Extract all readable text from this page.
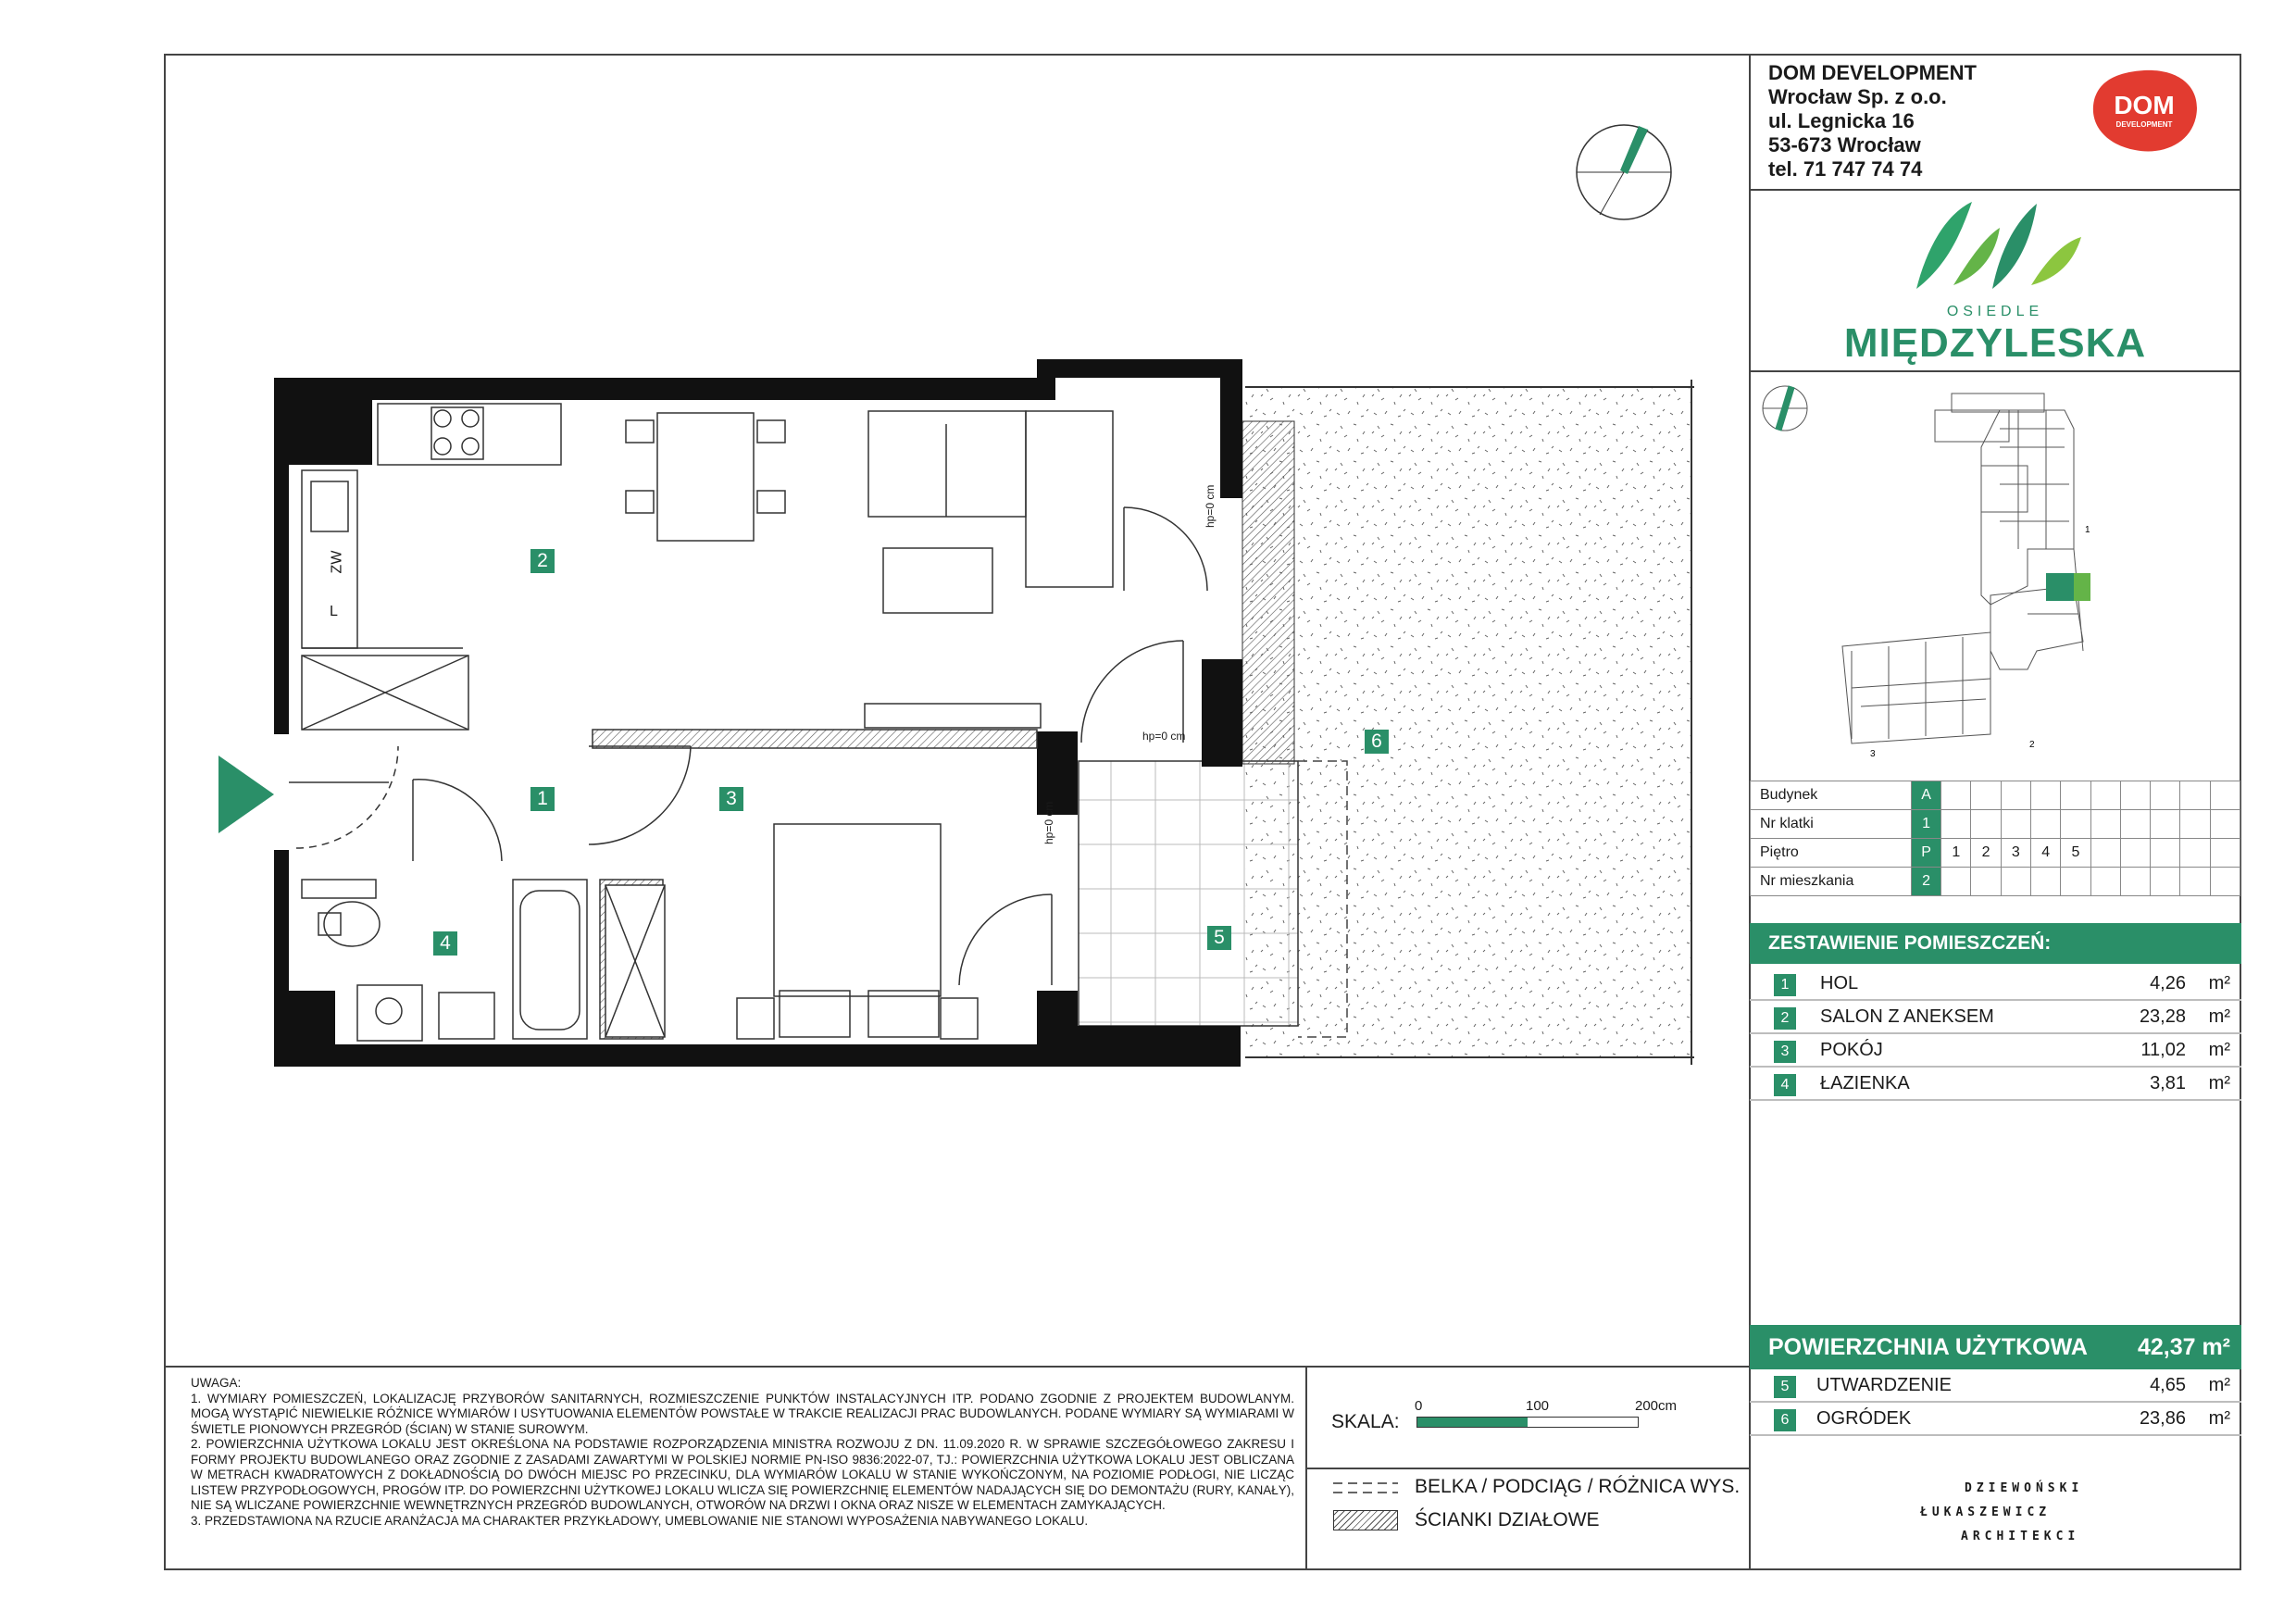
DOM DEVELOPMENT
Wrocław Sp. z o.o.
ul. Legnicka 16
53-673 Wrocław
tel. 71 747 74 74
DOM
DEVELOPMENT
OSIEDLE
MIĘDZYLESKA
1
2
3
Budynek	A										
Nr klatki	1										
Piętro	P	1	2	3	4	5					
Nr mieszkania	2										
ZESTAWIENIE POMIESZCZEŃ:
1	HOL	4,26 m²
2	SALON Z ANEKSEM	23,28 m²
3	POKÓJ	11,02 m²
4	ŁAZIENKA	3,81 m²
POWIERZCHNIA UŻYTKOWA 42,37 m²
5	UTWARDZENIE	4,65 m²
6	OGRÓDEK	23,86 m²

UWAGA:

1. WYMIARY POMIESZCZEŃ, LOKALIZACJĘ PRZYBORÓW SANITARNYCH, ROZMIESZCZENIE PUNKTÓW INSTALACYJNYCH ITP. PODANO ZGODNIE Z PROJEKTEM BUDOWLANYM. MOGĄ WYSTĄPIĆ NIEWIELKIE RÓŻNICE WYMIARÓW I USYTUOWANIA ELEMENTÓW POWSTAŁE W TRAKCIE REALIZACJI PRAC BUDOWLANYCH. PODANE WYMIARY SĄ WYMIARAMI W ŚWIETLE PIONOWYCH PRZEGRÓD (ŚCIAN) W STANIE SUROWYM.

2. POWIERZCHNIA UŻYTKOWA LOKALU JEST OKREŚLONA NA PODSTAWIE ROZPORZĄDZENIA MINISTRA ROZWOJU Z DN. 11.09.2020 R. W SPRAWIE SZCZEGÓŁOWEGO ZAKRESU I FORMY PROJEKTU BUDOWLANEGO ORAZ ZGODNIE Z ZASADAMI ZAWARTYMI W POLSKIEJ NORMIE PN-ISO 9836:2022-07, TJ.: POWIERZCHNIA UŻYTKOWA LOKALU JEST OBLICZANA W METRACH KWADRATOWYCH Z DOKŁADNOŚCIĄ DO DWÓCH MIEJSC PO PRZECINKU, DLA WYMIARÓW LOKALU W STANIE WYKOŃCZONYM, NA POZIOMIE PODŁOGI, NIE LICZĄC LISTEW PRZYPODŁOGOWYCH, PROGÓW ITP. DO POWIERZCHNI UŻYTKOWEJ LOKALU WLICZA SIĘ POWIERZCHNIĘ ELEMENTÓW NADAJĄCYCH SIĘ DO DEMONTAŻU (RURY, KANAŁY), NIE SĄ WLICZANE POWIERZCHNIE WEWNĘTRZNYCH PRZEGRÓD BUDOWLANYCH, OTWORÓW NA DRZWI I OKNA ORAZ NISZE W ELEMENTACH ZAMYKAJĄCYCH.

3. PRZEDSTAWIONA NA RZUCIE ARANŻACJA MA CHARAKTER PRZYKŁADOWY, UMEBLOWANIE NIE STANOWI WYPOSAŻENIA NABYWANEGO LOKALU.

SKALA:
0	100	200cm
BELKA / PODCIĄG / RÓŻNICA WYS.
ŚCIANKI DZIAŁOWE
DZIEWOŃSKI
ŁUKASZEWICZ
ARCHITEKCI
1
2
3
4	5
6
hp=0 cm
hp=0 cm
hp=0 cm
ZW
L
